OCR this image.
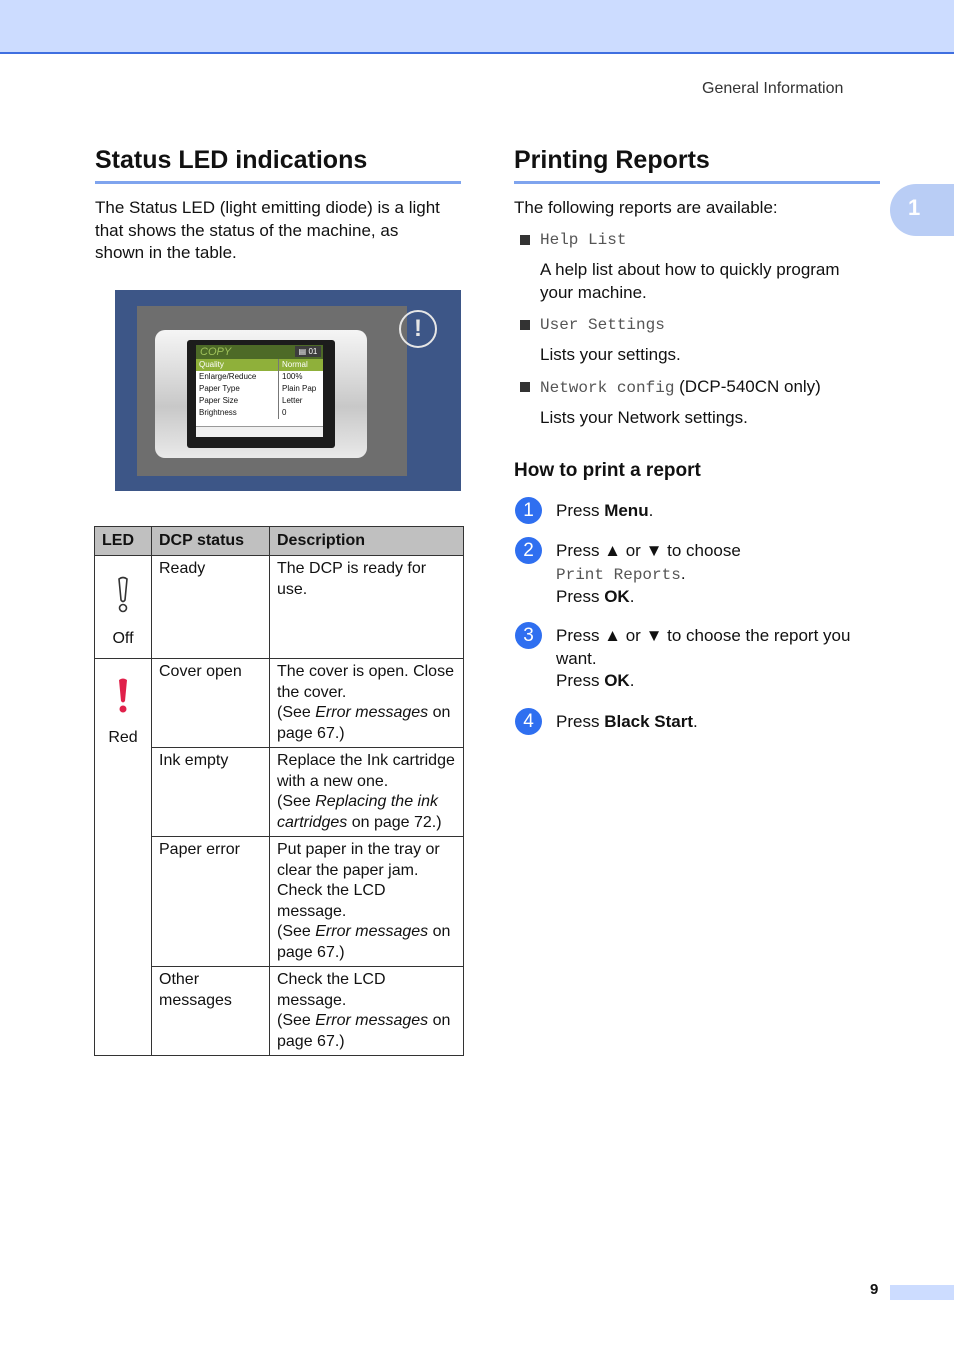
General Information
1
Status LED indications

The Status LED (light emitting diode) is a light
that shows the status of the machine, as
shown in the table.

COPY	▤ 01
Quality	Normal
Enlarge/Reduce	100%
Paper Type	Plain Pap
Paper Size	Letter
Brightness	0
!
LED	DCP status	Description

Off	Ready	The DCP is ready for use.

Red	Cover open	The cover is open. Close the cover.
(See Error messages on page 67.)
	Ink empty	Replace the Ink cartridge with a new one.
(See Replacing the ink cartridges on page 72.)
	Paper error	Put paper in the tray or clear the paper jam. Check the LCD message.
(See Error messages on page 67.)
	Other messages	Check the LCD message.
(See Error messages on page 67.)
Printing Reports

The following reports are available:

Help List
A help list about how to quickly program
your machine.
User Settings
Lists your settings.
Network config (DCP-540CN only)
Lists your Network settings.
How to print a report
1	Press Menu.
2	Press ▲ or ▼ to choose
Print Reports.
Press OK.
3	Press ▲ or ▼ to choose the report you
want.
Press OK.
4	Press Black Start.
9
